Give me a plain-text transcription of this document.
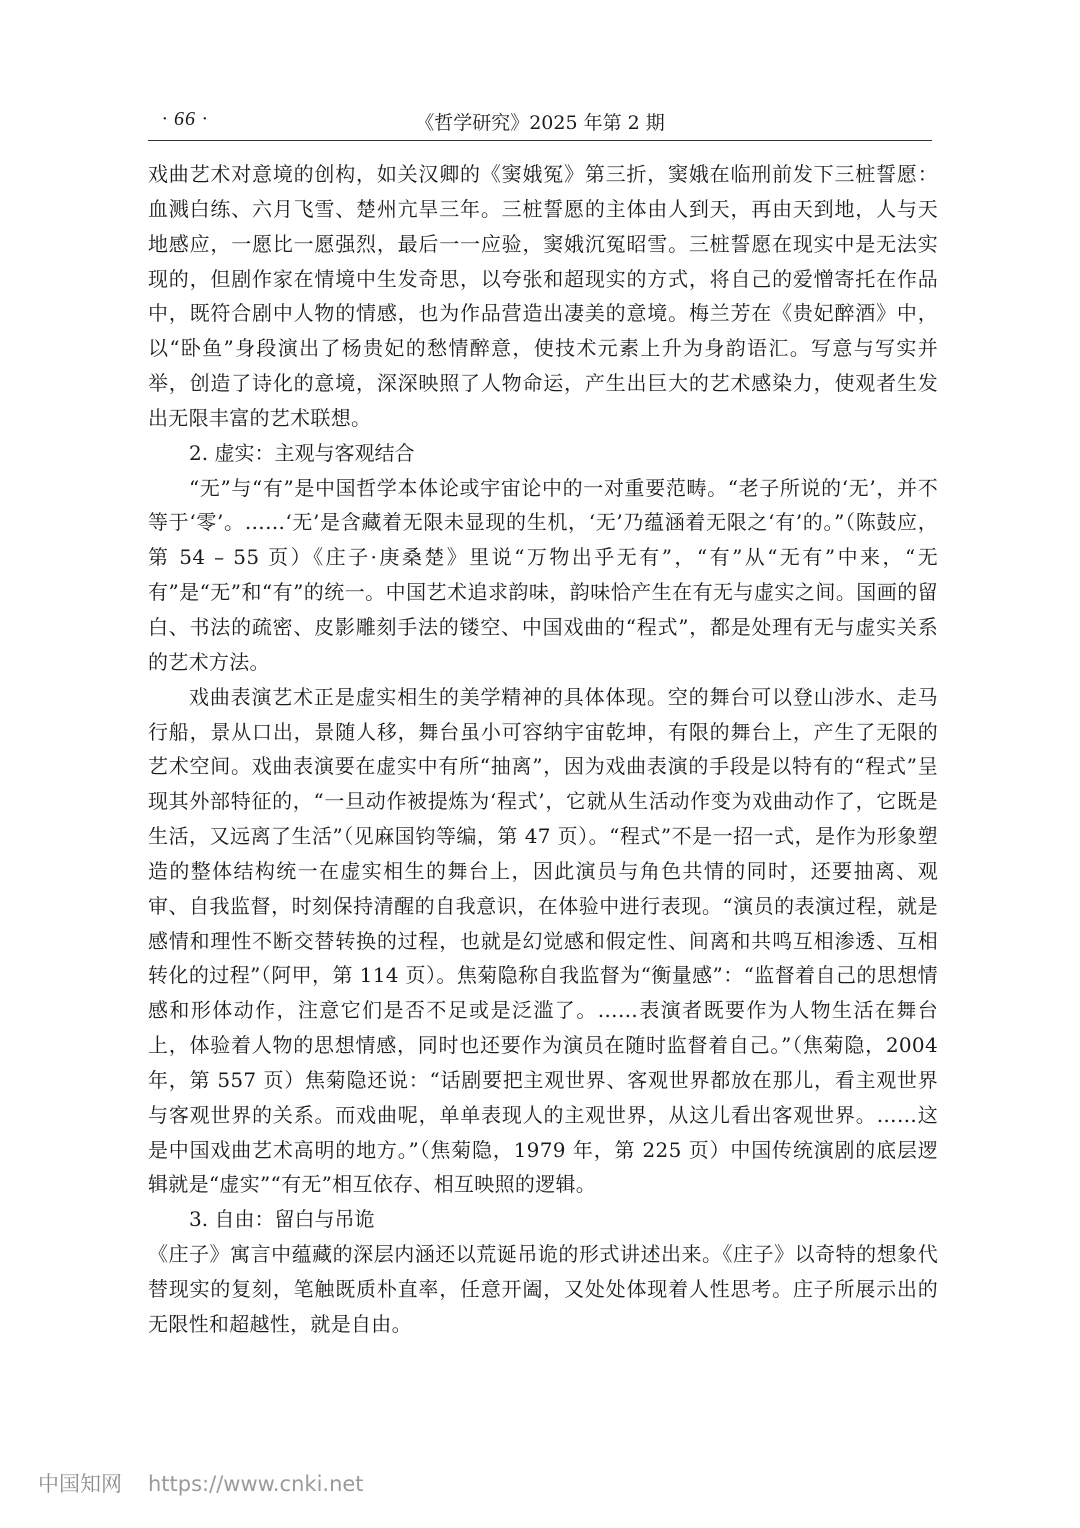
· 66 ·	《哲学研究》2025 年第 2 期

戏曲艺术对意境的创构，如关汉卿的《窦娥冤》第三折，窦娥在临刑前发下三桩誓愿：血溅白练、六月飞雪、楚州亢旱三年。三桩誓愿的主体由人到天，再由天到地，人与天地感应，一愿比一愿强烈，最后一一应验，窦娥沉冤昭雪。三桩誓愿在现实中是无法实现的，但剧作家在情境中生发奇思，以夸张和超现实的方式，将自己的爱憎寄托在作品中，既符合剧中人物的情感，也为作品营造出凄美的意境。梅兰芳在《贵妃醉酒》中，以“卧鱼”身段演出了杨贵妃的愁情醉意，使技术元素上升为身韵语汇。写意与写实并举，创造了诗化的意境，深深映照了人物命运，产生出巨大的艺术感染力，使观者生发出无限丰富的艺术联想。

2. 虚实：主观与客观结合

“无”与“有”是中国哲学本体论或宇宙论中的一对重要范畴。“老子所说的‘无’，并不等于‘零’。……‘无’是含藏着无限未显现的生机，‘无’乃蕴涵着无限之‘有’的。”（陈鼓应，第 54 – 55 页）《庄子·庚桑楚》里说“万物出乎无有”，“有”从“无有”中来，“无有”是“无”和“有”的统一。中国艺术追求韵味，韵味恰产生在有无与虚实之间。国画的留白、书法的疏密、皮影雕刻手法的镂空、中国戏曲的“程式”，都是处理有无与虚实关系的艺术方法。

戏曲表演艺术正是虚实相生的美学精神的具体体现。空的舞台可以登山涉水、走马行船，景从口出，景随人移，舞台虽小可容纳宇宙乾坤，有限的舞台上，产生了无限的艺术空间。戏曲表演要在虚实中有所“抽离”，因为戏曲表演的手段是以特有的“程式”呈现其外部特征的，“一旦动作被提炼为‘程式’，它就从生活动作变为戏曲动作了，它既是生活，又远离了生活”（见麻国钧等编，第 47 页）。“程式”不是一招一式，是作为形象塑造的整体结构统一在虚实相生的舞台上，因此演员与角色共情的同时，还要抽离、观审、自我监督，时刻保持清醒的自我意识，在体验中进行表现。“演员的表演过程，就是感情和理性不断交替转换的过程，也就是幻觉感和假定性、间离和共鸣互相渗透、互相转化的过程”（阿甲，第 114 页）。焦菊隐称自我监督为“衡量感”：“监督着自己的思想情感和形体动作，注意它们是否不足或是泛滥了。……表演者既要作为人物生活在舞台上，体验着人物的思想情感，同时也还要作为演员在随时监督着自己。”（焦菊隐，2004 年，第 557 页）焦菊隐还说：“话剧要把主观世界、客观世界都放在那儿，看主观世界与客观世界的关系。而戏曲呢，单单表现人的主观世界，从这儿看出客观世界。……这是中国戏曲艺术高明的地方。”（焦菊隐，1979 年，第 225 页）中国传统演剧的底层逻辑就是“虚实”“有无”相互依存、相互映照的逻辑。

3. 自由：留白与吊诡

《庄子》寓言中蕴藏的深层内涵还以荒诞吊诡的形式讲述出来。《庄子》以奇特的想象代替现实的复刻，笔触既质朴直率，任意开阖，又处处体现着人性思考。庄子所展示出的无限性和超越性，就是自由。

中国知网 https://www.cnki.net
